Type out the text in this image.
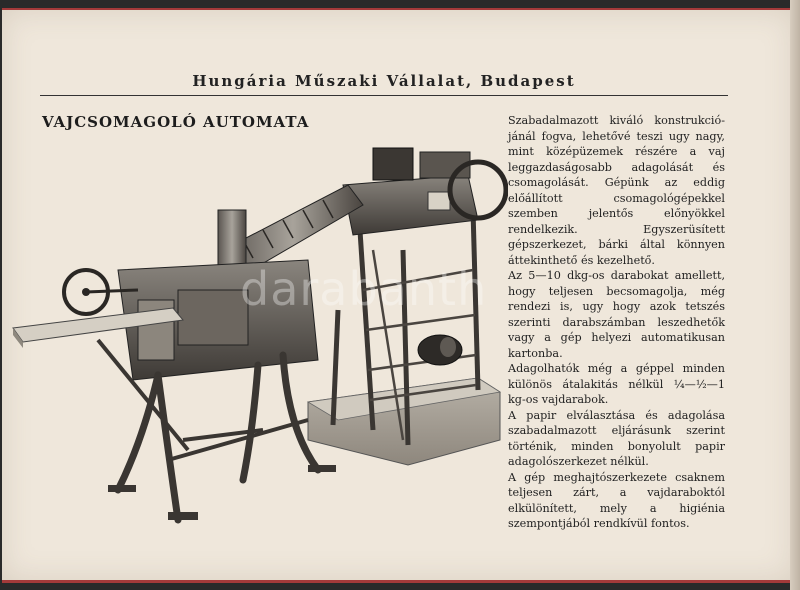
Hungária Műszaki Vállalat, Budapest
VAJCSOMAGOLÓ AUTOMATA
darabanth

Szabadalmazott kiváló konstrukció-jánál fogva, lehetővé teszi ugy nagy, mint középüzemek részére a vaj leggazdaságosabb adagolását és csomagolását. Gépünk az eddig előállított csomagológépekkel szemben jelentős előnyökkel rendelkezik. Egyszerüsített gépszerkezet, bárki által könnyen áttekinthető és kezelhető.

Az 5—10 dkg-os darabokat amellett, hogy teljesen becsomagolja, még rendezi is, ugy hogy azok tetszés szerinti darabszámban leszedhetők vagy a gép helyezi automatikusan kartonba.

Adagolhatók még a géppel minden különös átalakitás nélkül ¼—½—1 kg-os vajdarabok.

A papir elválasztása és adagolása szabadalmazott eljárásunk szerint történik, minden bonyolult papir adagolószerkezet nélkül.

A gép meghajtószerkezete csaknem teljesen zárt, a vajdaraboktól elkülönített, mely a higiénia szempontjából rendkívül fontos.
